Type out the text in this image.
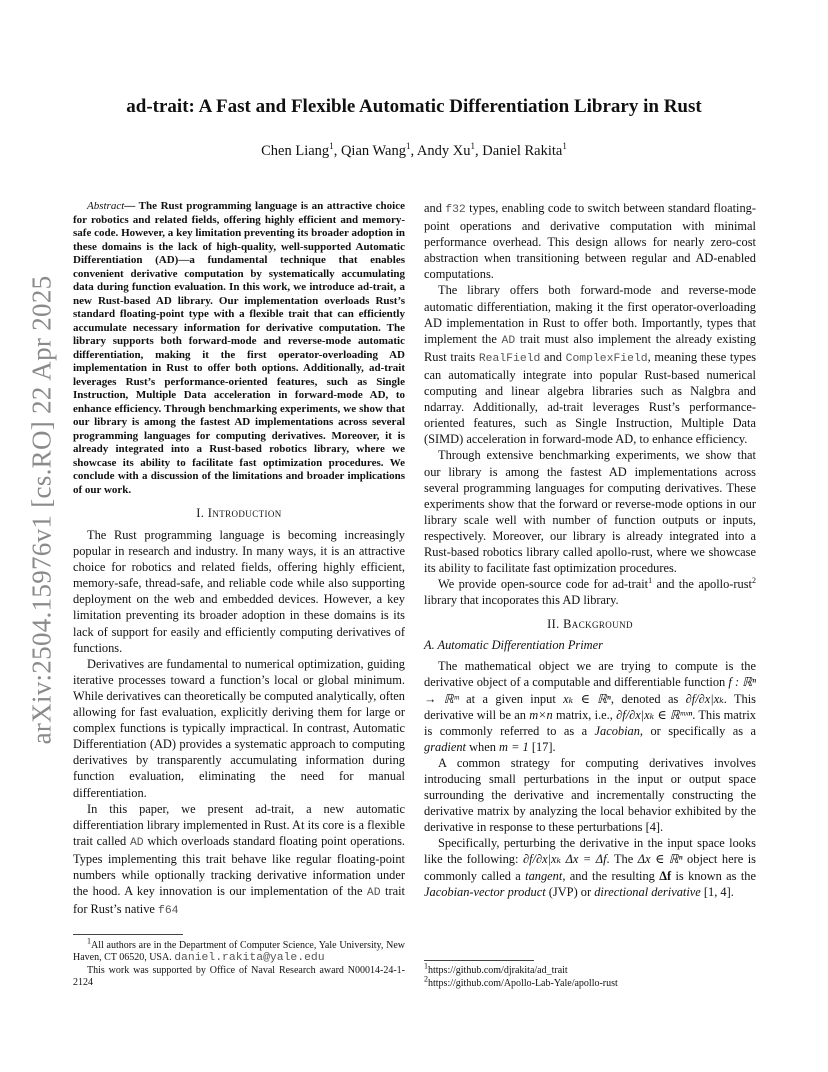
arXiv:2504.15976v1 [cs.RO] 22 Apr 2025
ad-trait: A Fast and Flexible Automatic Differentiation Library in Rust
Chen Liang$^1$, Qian Wang$^1$, Andy Xu$^1$, Daniel Rakita$^1$

Abstract— The Rust programming language is an attractive choice for robotics and related fields, offering highly efficient and memory-safe code. However, a key limitation preventing its broader adoption in these domains is the lack of high-quality, well-supported Automatic Differentiation (AD)—a fundamental technique that enables convenient derivative computation by systematically accumulating data during function evaluation. In this work, we introduce ad-trait, a new Rust-based AD library. Our implementation overloads Rust’s standard floating-point type with a flexible trait that can efficiently accumulate necessary information for derivative computation. The library supports both forward-mode and reverse-mode automatic differentiation, making it the first operator-overloading AD implementation in Rust to offer both options. Additionally, ad-trait leverages Rust’s performance-oriented features, such as Single Instruction, Multiple Data acceleration in forward-mode AD, to enhance efficiency. Through benchmarking experiments, we show that our library is among the fastest AD implementations across several programming languages for computing derivatives. Moreover, it is already integrated into a Rust-based robotics library, where we showcase its ability to facilitate fast optimization procedures. We conclude with a discussion of the limitations and broader implications of our work.

I. Introduction

The Rust programming language is becoming increasingly popular in research and industry. In many ways, it is an attractive choice for robotics and related fields, offering highly efficient, memory-safe, thread-safe, and reliable code while also supporting deployment on the web and embedded devices. However, a key limitation preventing its broader adoption in these domains is its lack of support for easily and efficiently computing derivatives of functions.

Derivatives are fundamental to numerical optimization, guiding iterative processes toward a function’s local or global minimum. While derivatives can theoretically be computed analytically, often allowing for fast evaluation, explicitly deriving them for large or complex functions is typically impractical. In contrast, Automatic Differentiation (AD) provides a systematic approach to computing derivatives by transparently accumulating information during function evaluation, eliminating the need for manual differentiation.

In this paper, we present ad-trait, a new automatic differentiation library implemented in Rust. At its core is a flexible trait called AD which overloads standard floating point operations. Types implementing this trait behave like regular floating-point numbers while optionally tracking derivative information under the hood. A key innovation is our implementation of the AD trait for Rust’s native f64

$^1$All authors are in the Department of Computer Science, Yale University, New Haven, CT 06520, USA. daniel.rakita@yale.edu

This work was supported by Office of Naval Research award N00014-24-1-2124

and f32 types, enabling code to switch between standard floating-point operations and derivative computation with minimal performance overhead. This design allows for nearly zero-cost abstraction when transitioning between regular and AD-enabled computations.

The library offers both forward-mode and reverse-mode automatic differentiation, making it the first operator-overloading AD implementation in Rust to offer both. Importantly, types that implement the AD trait must also implement the already existing Rust traits RealField and ComplexField, meaning these types can automatically integrate into popular Rust-based numerical computing and linear algebra libraries such as Nalgbra and ndarray. Additionally, ad-trait leverages Rust’s performance-oriented features, such as Single Instruction, Multiple Data (SIMD) acceleration in forward-mode AD, to enhance efficiency.

Through extensive benchmarking experiments, we show that our library is among the fastest AD implementations across several programming languages for computing derivatives. These experiments show that the forward or reverse-mode options in our library scale well with number of function outputs or inputs, respectively. Moreover, our library is already integrated into a Rust-based robotics library called apollo-rust, where we showcase its ability to facilitate fast optimization procedures.

We provide open-source code for ad-trait$^1$ and the apollo-rust$^2$ library that incoporates this AD library.

II. Background
A. Automatic Differentiation Primer

The mathematical object we are trying to compute is the derivative object of a computable and differentiable function f : ℝⁿ → ℝᵐ at a given input xₖ ∈ ℝⁿ, denoted as ∂f/∂x|xₖ. This derivative will be an m×n matrix, i.e., ∂f/∂x|xₖ ∈ ℝᵐˣⁿ. This matrix is commonly referred to as a Jacobian, or specifically as a gradient when m = 1 [17].

A common strategy for computing derivatives involves introducing small perturbations in the input or output space surrounding the derivative and incrementally constructing the derivative matrix by analyzing the local behavior exhibited by the derivative in response to these perturbations [4].

Specifically, perturbing the derivative in the input space looks like the following: ∂f/∂x|xₖ Δx = Δf. The Δx ∈ ℝⁿ object here is commonly called a tangent, and the resulting Δf is known as the Jacobian-vector product (JVP) or directional derivative [1, 4].

$^1$https://github.com/djrakita/ad_trait

$^2$https://github.com/Apollo-Lab-Yale/apollo-rust
